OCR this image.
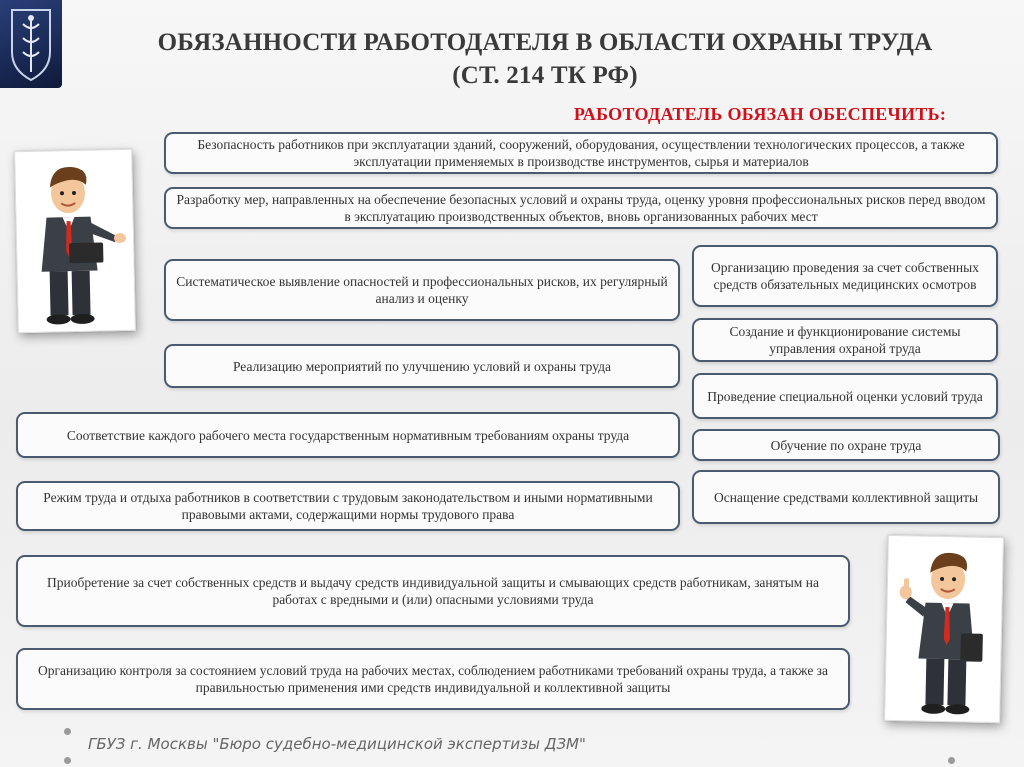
ОБЯЗАННОСТИ РАБОТОДАТЕЛЯ В ОБЛАСТИ ОХРАНЫ ТРУДА
(СТ. 214 ТК РФ)
РАБОТОДАТЕЛЬ ОБЯЗАН ОБЕСПЕЧИТЬ:
Безопасность работников при эксплуатации зданий, сооружений, оборудования, осуществлении технологических процессов, а также эксплуатации применяемых в производстве инструментов, сырья и материалов
Разработку мер, направленных на обеспечение безопасных условий и охраны труда, оценку уровня профессиональных рисков перед вводом в эксплуатацию производственных объектов, вновь организованных рабочих мест
Систематическое выявление опасностей и профессиональных рисков, их регулярный анализ и оценку
Реализацию мероприятий по улучшению условий и охраны труда
Соответствие каждого рабочего места государственным нормативным требованиям охраны труда
Режим труда и отдыха работников в соответствии с трудовым законодательством и иными нормативными правовыми актами, содержащими нормы трудового права
Приобретение за счет собственных средств и выдачу средств индивидуальной защиты и смывающих средств работникам, занятым на работах с вредными и (или) опасными условиями труда
Организацию контроля за состоянием условий труда на рабочих местах, соблюдением работниками требований охраны труда, а также за правильностью применения ими средств индивидуальной и коллективной защиты
Организацию проведения за счет собственных средств обязательных медицинских осмотров
Создание и функционирование системы управления охраной труда
Проведение специальной оценки условий труда
Обучение по охране труда
Оснащение средствами коллективной защиты
ГБУЗ г. Москвы "Бюро судебно-медицинской экспертизы ДЗМ"
